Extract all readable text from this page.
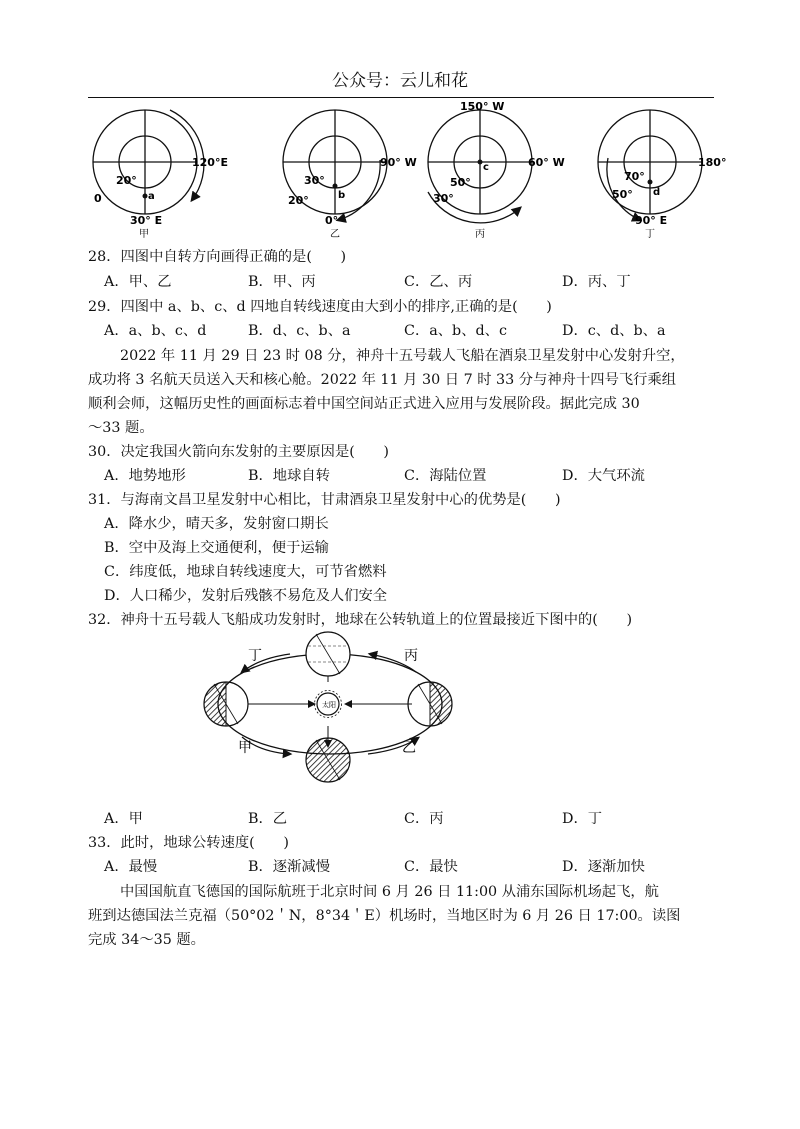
公众号：云儿和花
120°E
20°
0	a
30° E
甲
90° W
30°
20°	b
0°
乙
150° W
60° W
50°
30°
c
丙
180°
70°
50° d
90° E
丁
28．四图中自转方向画得正确的是(　　)
A．甲、乙	B．甲、丙	C．乙、丙	D．丙、丁
29．四图中 a、b、c、d 四地自转线速度由大到小的排序,正确的是(　　)
A．a、b、c、d	B．d、c、b、a	C．a、b、d、c	D．c、d、b、a
2022 年 11 月 29 日 23 时 08 分，神舟十五号载人飞船在酒泉卫星发射中心发射升空，
成功将 3 名航天员送入天和核心舱。2022 年 11 月 30 日 7 时 33 分与神舟十四号飞行乘组
顺利会师，这幅历史性的画面标志着中国空间站正式进入应用与发展阶段。据此完成 30
～33 题。
30．决定我国火箭向东发射的主要原因是(　　)
A．地势地形	B．地球自转	C．海陆位置	D．大气环流
31．与海南文昌卫星发射中心相比，甘肃酒泉卫星发射中心的优势是(　　)
A．降水少，晴天多，发射窗口期长
B．空中及海上交通便利，便于运输
C．纬度低，地球自转线速度大，可节省燃料
D．人口稀少，发射后残骸不易危及人们安全
32．神舟十五号载人飞船成功发射时，地球在公转轨道上的位置最接近下图中的(　　)
太阳
丁	丙
甲	乙
A．甲	B．乙	C．丙	D．丁
33．此时，地球公转速度(　　)
A．最慢	B．逐渐减慢	C．最快	D．逐渐加快
中国国航直飞德国的国际航班于北京时间 6 月 26 日 11:00 从浦东国际机场起飞，航
班到达德国法兰克福（50°02＇N，8°34＇E）机场时，当地区时为 6 月 26 日 17:00。读图
完成 34～35 题。
